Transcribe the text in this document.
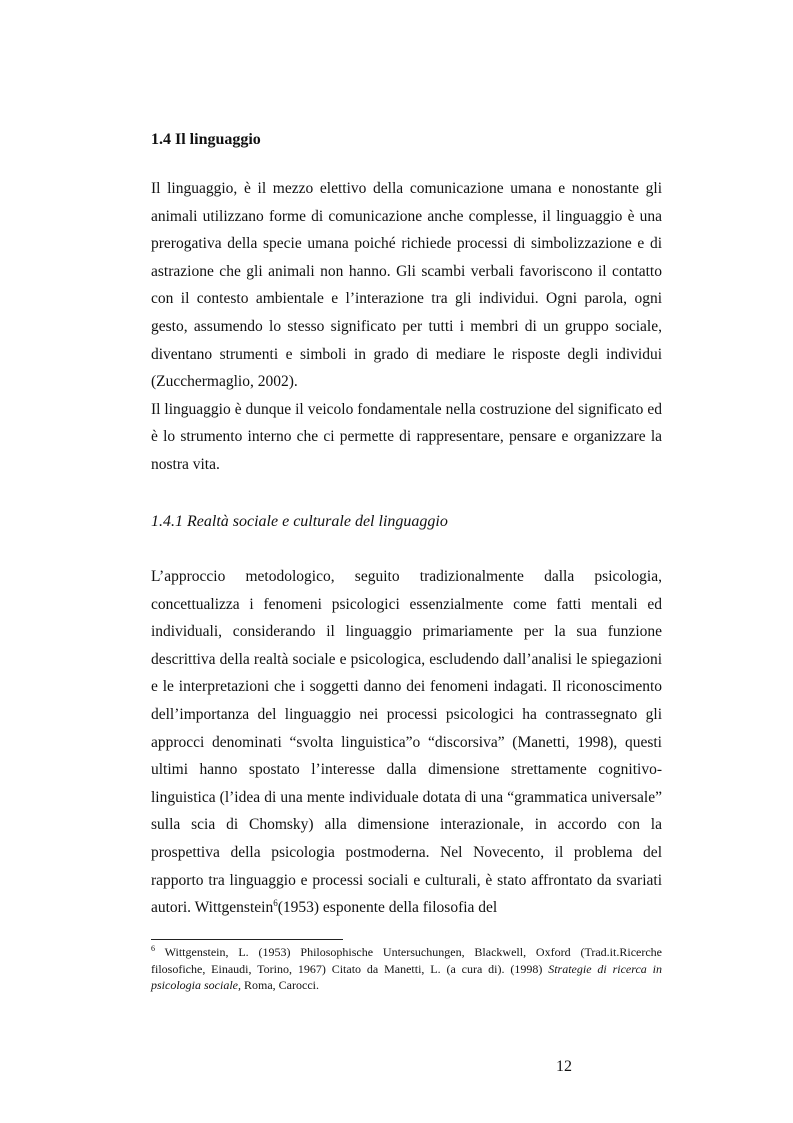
1.4 Il linguaggio

Il linguaggio, è il mezzo elettivo della comunicazione umana e nonostante gli animali utilizzano forme di comunicazione anche complesse, il linguaggio è una prerogativa della specie umana poiché richiede processi di simbolizzazione e di astrazione che gli animali non hanno. Gli scambi verbali favoriscono il contatto con il contesto ambientale e l’interazione tra gli individui. Ogni parola, ogni gesto, assumendo lo stesso significato per tutti i membri di un gruppo sociale, diventano strumenti e simboli in grado di mediare le risposte degli individui (Zucchermaglio, 2002).

Il linguaggio è dunque il veicolo fondamentale nella costruzione del significato ed è lo strumento interno che ci permette di rappresentare, pensare e organizzare la nostra vita.

1.4.1 Realtà sociale e culturale del linguaggio

L’approccio metodologico, seguito tradizionalmente dalla psicologia, concettualizza i fenomeni psicologici essenzialmente come fatti mentali ed individuali, considerando il linguaggio primariamente per la sua funzione descrittiva della realtà sociale e psicologica, escludendo dall’analisi le spiegazioni e le interpretazioni che i soggetti danno dei fenomeni indagati. Il riconoscimento dell’importanza del linguaggio nei processi psicologici ha contrassegnato gli approcci denominati “svolta linguistica”o “discorsiva” (Manetti, 1998), questi ultimi hanno spostato l’interesse dalla dimensione strettamente cognitivo-linguistica (l’idea di una mente individuale dotata di una “grammatica universale” sulla scia di Chomsky) alla dimensione interazionale, in accordo con la prospettiva della psicologia postmoderna. Nel Novecento, il problema del rapporto tra linguaggio e processi sociali e culturali, è stato affrontato da svariati autori. Wittgenstein$^6$(1953) esponente della filosofia del

$^6$ Wittgenstein, L. (1953) Philosophische Untersuchungen, Blackwell, Oxford (Trad.it.Ricerche filosofiche, Einaudi, Torino, 1967) Citato da Manetti, L. (a cura di). (1998) Strategie di ricerca in psicologia sociale, Roma, Carocci.
12
